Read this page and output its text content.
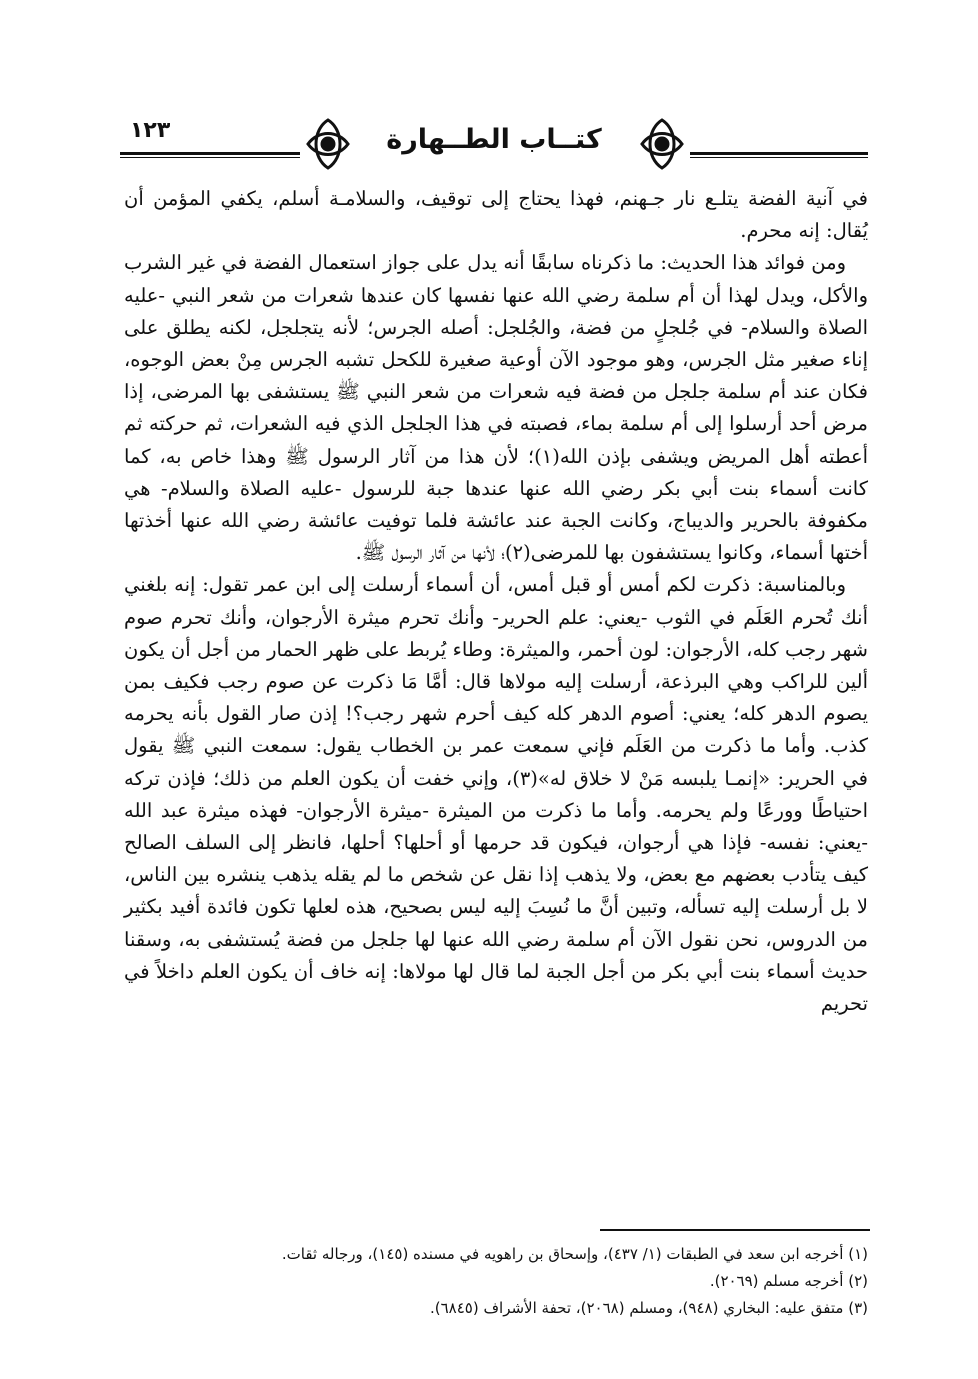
١٢٣	كتــاب الطــهارة

في آنية الفضة يتلـع نار جـهنم، فهذا يحتاج إلى توقيف، والسلامـة أسلم، يكفي المؤمن أن يُقال: إنه محرم.

ومن فوائد هذا الحديث: ما ذكرناه سابقًا أنه يدل على جواز استعمال الفضة في غير الشرب والأكل، ويدل لهذا أن أم سلمة رضي الله عنها نفسها كان عندها شعرات من شعر النبي -عليه الصلاة والسلام- في جُلجلٍ من فضة، والجُلجل: أصله الجرس؛ لأنه يتجلجل، لكنه يطلق على إناء صغير مثل الجرس، وهو موجود الآن أوعية صغيرة للكحل تشبه الجرس مِنْ بعض الوجوه، فكان عند أم سلمة جلجل من فضة فيه شعرات من شعر النبي ﷺ يستشفى بها المرضى، إذا مرض أحد أرسلوا إلى أم سلمة بماء، فصبته في هذا الجلجل الذي فيه الشعرات، ثم حركته ثم أعطته أهل المريض ويشفى بإذن الله(١)؛ لأن هذا من آثار الرسول ﷺ وهذا خاص به، كما كانت أسماء بنت أبي بكر رضي الله عنها عندها جبة للرسول -عليه الصلاة والسلام- هي مكفوفة بالحرير والديباج، وكانت الجبة عند عائشة فلما توفيت عائشة رضي الله عنها أخذتها أختها أسماء، وكانوا يستشفون بها للمرضى(٢)؛ لأنها من آثار الرسول ﷺ.

وبالمناسبة: ذكرت لكم أمس أو قبل أمس، أن أسماء أرسلت إلى ابن عمر تقول: إنه بلغني أنك تُحرم العَلَم في الثوب -يعني: علم الحرير- وأنك تحرم ميثرة الأرجوان، وأنك تحرم صوم شهر رجب كله، الأرجوان: لون أحمر، والميثرة: وطاء يُربط على ظهر الحمار من أجل أن يكون ألين للراكب وهي البرذعة، أرسلت إليه مولاها قال: أمَّا مَا ذكرت عن صوم رجب فكيف بمن يصوم الدهر كله؛ يعني: أصوم الدهر كله كيف أحرم شهر رجب؟! إذن صار القول بأنه يحرمه كذب. وأما ما ذكرت من العَلَم فإني سمعت عمر بن الخطاب يقول: سمعت النبي ﷺ يقول في الحرير: «إنمـا يلبسه مَنْ لا خلاق له»(٣)، وإني خفت أن يكون العلم من ذلك؛ فإذن تركه احتياطًا وورعًا ولم يحرمه. وأما ما ذكرت من الميثرة -ميثرة الأرجوان- فهذه ميثرة عبد الله -يعني: نفسه- فإذا هي أرجوان، فيكون قد حرمها أو أحلها؟ أحلها، فانظر إلى السلف الصالح كيف يتأدب بعضهم مع بعض، ولا يذهب إذا نقل عن شخص ما لم يقله يذهب ينشره بين الناس، لا بل أرسلت إليه تسأله، وتبين أنَّ ما نُسِبَ إليه ليس بصحيح، هذه لعلها تكون فائدة أفيد بكثير من الدروس، نحن نقول الآن أم سلمة رضي الله عنها لها جلجل من فضة يُستشفى به، وسقنا حديث أسماء بنت أبي بكر من أجل الجبة لما قال لها مولاها: إنه خاف أن يكون العلم داخلاً في تحريم

(١) أخرجه ابن سعد في الطبقات (١/ ٤٣٧)، وإسحاق بن راهويه في مسنده (١٤٥)، ورجاله ثقات.
(٢) أخرجه مسلم (٢٠٦٩).
(٣) متفق عليه: البخاري (٩٤٨)، ومسلم (٢٠٦٨)، تحفة الأشراف (٦٨٤٥).
